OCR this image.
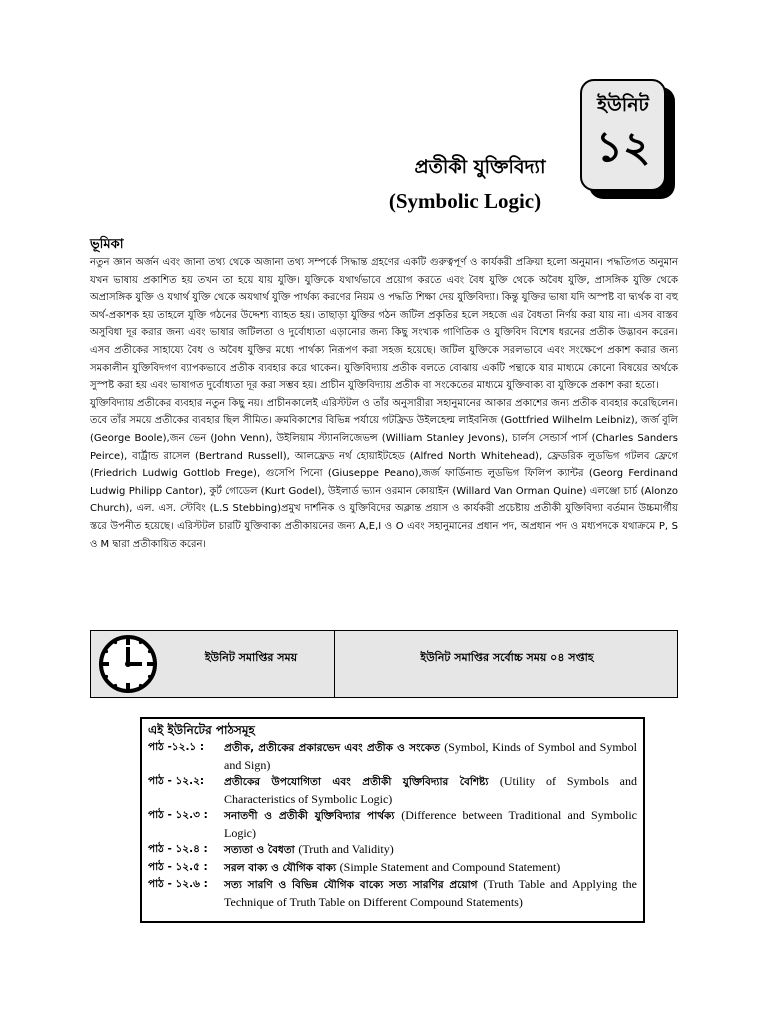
ইউনিট
১২
প্রতীকী যুক্তিবিদ্যা
(Symbolic Logic)
ভূমিকা

নতুন জ্ঞান অর্জন এবং জানা তথ্য থেকে অজানা তথ্য সম্পর্কে সিদ্ধান্ত গ্রহণের একটি গুরুত্বপূর্ণ ও কার্যকরী প্রক্রিয়া হলো অনুমান। পদ্ধতিগত অনুমান যখন ভাষায় প্রকাশিত হয় তখন তা হয়ে যায় যুক্তি। যুক্তিকে যথার্থভাবে প্রয়োগ করতে এবং বৈধ যুক্তি থেকে অবৈধ যুক্তি, প্রাসঙ্গিক যুক্তি থেকে অপ্রাসঙ্গিক যুক্তি ও যথার্থ যুক্তি থেকে অযথার্থ যুক্তি পার্থক্য করণের নিয়ম ও পদ্ধতি শিক্ষা দেয় যুক্তিবিদ্যা। কিন্তু যুক্তির ভাষা যদি অস্পষ্ট বা দ্ব্যর্থক বা বহু অর্থ-প্রকাশক হয় তাহলে যুক্তি গঠনের উদ্দেশ্য ব্যাহত হয়। তাছাড়া যুক্তির গঠন জটিল প্রকৃতির হলে সহজে এর বৈধতা নির্ণয় করা যায় না। এসব বাস্তব অসুবিধা দূর করার জন্য এবং ভাষার জটিলতা ও দুর্বোধ্যতা এড়ানোর জন্য কিছু সংখ্যক গাণিতিক ও যুক্তিবিদ বিশেষ ধরনের প্রতীক উদ্ভাবন করেন। এসব প্রতীকের সাহায্যে বৈধ ও অবৈধ যুক্তির মধ্যে পার্থক্য নিরূপণ করা সহজ হয়েছে। জটিল যুক্তিকে সরলভাবে এবং সংক্ষেপে প্রকাশ করার জন্য সমকালীন যুক্তিবিদগণ ব্যাপকভাবে প্রতীক ব্যবহার করে থাকেন। যুক্তিবিদ্যায় প্রতীক বলতে বোঝায় একটি পন্থাকে যার মাধ্যমে কোনো বিষয়ের অর্থকে সুস্পষ্ট করা হয় এবং ভাষাগত দুর্বোধ্যতা দূর করা সম্ভব হয়। প্রাচীন যুক্তিবিদ্যায় প্রতীক বা সংকেতের মাধ্যমে যুক্তিবাক্য বা যুক্তিকে প্রকাশ করা হতো।
যুক্তিবিদ্যায় প্রতীকের ব্যবহার নতুন কিছু নয়। প্রাচীনকালেই এরিস্টটল ও তাঁর অনুসারীরা সহানুমানের আকার প্রকাশের জন্য প্রতীক ব্যবহার করেছিলেন। তবে তাঁর সময়ে প্রতীকের ব্যবহার ছিল সীমিত। ক্রমবিকাশের বিভিন্ন পর্যায়ে গটফ্রিড উইলহেল্ম লাইবনিজ (Gottfried Wilhelm Leibniz), জর্জ বুলি (George Boole),জন ভেন (John Venn), উইলিয়াম স্ট্যানলিজেভন্স (William Stanley Jevons), চার্লস সেন্ডার্স পার্স (Charles Sanders Peirce), বার্ট্রান্ড রাসেল (Bertrand Russell), আলফ্রেড নর্থ হোয়াইটহেড (Alfred North Whitehead), ফ্রেডরিক লুডভিগ গটলব ফ্রেগে (Friedrich Ludwig Gottlob Frege), গুসেপি পিনো (Giuseppe Peano),জর্জ ফার্ডিনান্ড লুডভিগ ফিলিপ ক্যান্টর (Georg Ferdinand Ludwig Philipp Cantor), কুর্ট গোডেল (Kurt Godel), উইলার্ড ভ্যান ওরমান কোয়াইন (Willard Van Orman Quine) এলঞ্জো চার্চ (Alonzo Church), এল. এস. স্টেবিং (L.S Stebbing)প্রমুখ দার্শনিক ও যুক্তিবিদের অক্লান্ত প্রয়াস ও কার্যকরী প্রচেষ্টায় প্রতীকী যুক্তিবিদ্যা বর্তমান উচ্চমার্গীয় স্তরে উপনীত হয়েছে। এরিস্টটল চারটি যুক্তিবাক্য প্রতীকায়নের জন্য A,E,I ও O এবং সহানুমানের প্রধান পদ, অপ্রধান পদ ও মধ্যপদকে যথাক্রমে P, S ও M দ্বারা প্রতীকায়িত করেন।

ইউনিট সমাপ্তির সময়	ইউনিট সমাপ্তির সর্বোচ্চ সময় ০৪ সপ্তাহ
এই ইউনিটের পাঠসমূহ
পাঠ -১২.১ :	প্রতীক, প্রতীকের প্রকারভেদ এবং প্রতীক ও সংকেত (Symbol, Kinds of Symbol and Symbol and Sign)
পাঠ - ১২.২:	প্রতীকের উপযোগিতা এবং প্রতীকী যুক্তিবিদ্যার বৈশিষ্ট্য (Utility of Symbols and Characteristics of Symbolic Logic)
পাঠ - ১২.৩ :	সনাতণী ও প্রতীকী যুক্তিবিদ্যার পার্থক্য (Difference between Traditional and Symbolic Logic)
পাঠ - ১২.৪ :	সত্যতা ও বৈধতা (Truth and Validity)
পাঠ - ১২.৫ :	সরল বাক্য ও যৌগিক বাক্য (Simple Statement and Compound Statement)
পাঠ - ১২.৬ :	সত্য সারণি ও বিভিন্ন যৌগিক বাক্যে সত্য সারণির প্রয়োগ (Truth Table and Applying the Technique of Truth Table on Different Compound Statements)
